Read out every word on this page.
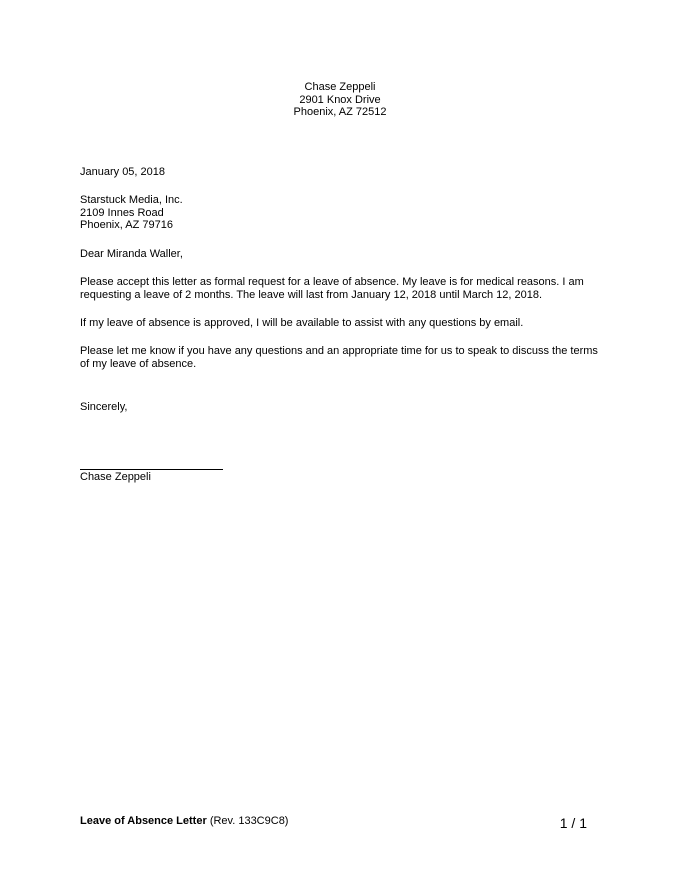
Chase Zeppeli
2901 Knox Drive
Phoenix, AZ 72512
January 05, 2018
Starstuck Media, Inc.
2109 Innes Road
Phoenix, AZ 79716
Dear Miranda Waller,

Please accept this letter as formal request for a leave of absence. My leave is for medical reasons. I am requesting a leave of 2 months. The leave will last from January 12, 2018 until March 12, 2018.

If my leave of absence is approved, I will be available to assist with any questions by email.

Please let me know if you have any questions and an appropriate time for us to speak to discuss the terms of my leave of absence.

Sincerely,
Chase Zeppeli
Leave of Absence Letter (Rev. 133C9C8)	1 / 1
